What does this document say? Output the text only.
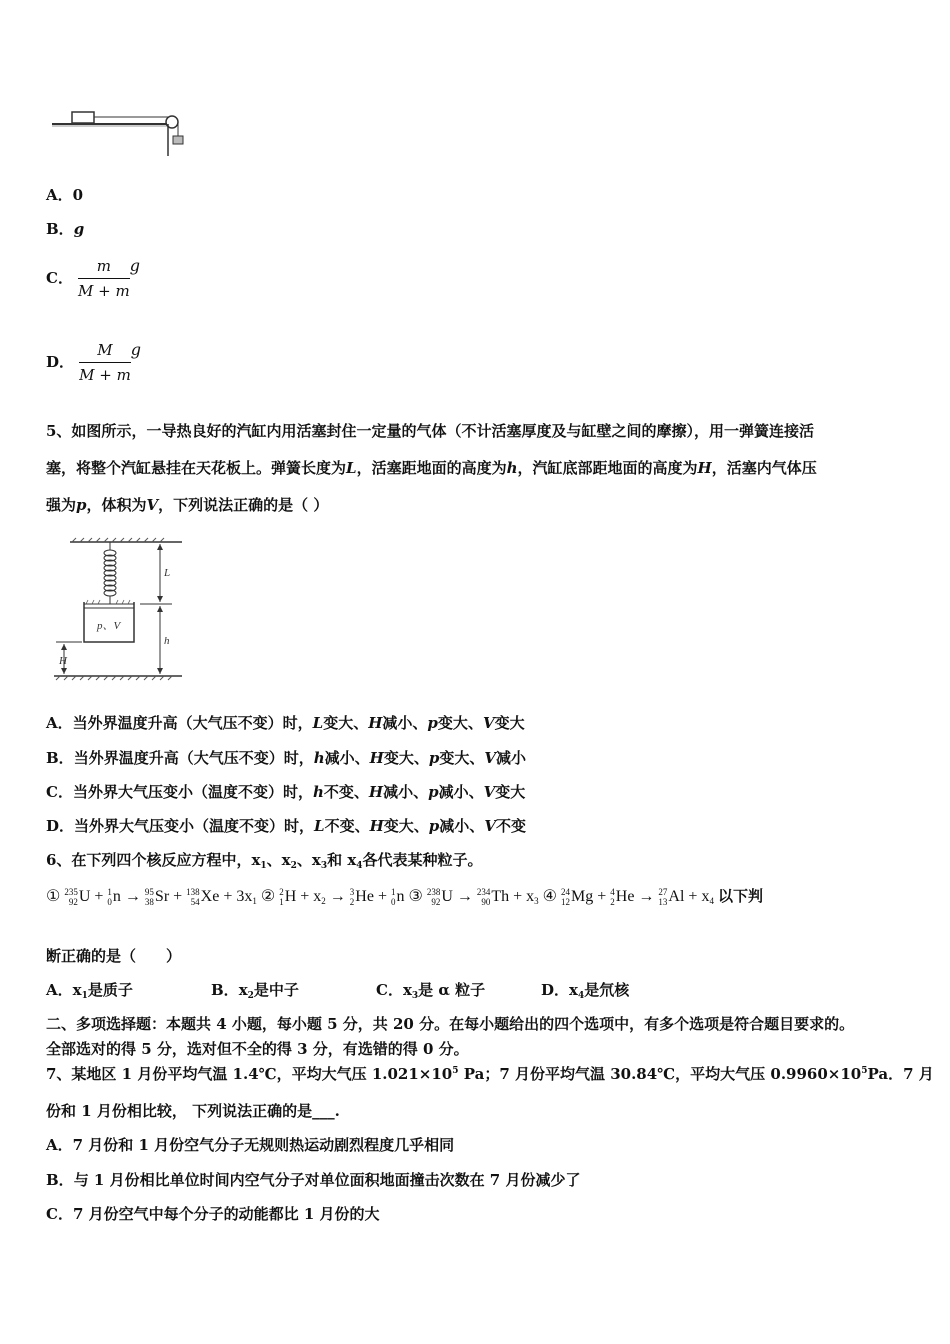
A．0
B．g
C． $\frac{m}{M + m}$ g
D． $\frac{M}{M + m}$ g
5、如图所示，一导热良好的汽缸内用活塞封住一定量的气体（不计活塞厚度及与缸壁之间的摩擦），用一弹簧连接活
塞，将整个汽缸悬挂在天花板上。弹簧长度为L，活塞距地面的高度为h，汽缸底部距地面的高度为H，活塞内气体压
强为p，体积为V，下列说法正确的是（ ）
L
h
H
p、V
A．当外界温度升高（大气压不变）时，L变大、H减小、p变大、V变大
B．当外界温度升高（大气压不变）时，h减小、H变大、p变大、V减小
C．当外界大气压变小（温度不变）时，h不变、H减小、p减小、V变大
D．当外界大气压变小（温度不变）时，L不变、H变大、p减小、V不变
6、在下列四个核反应方程中，$x_1$、$x_2$、$x_3$和 $x_4$各代表某种粒子。
① 235
92 U + 1
0 n → 95
38 Sr + 138
54 $Xe + 3x_1$ ② 2
1 $H + x_2 \to 3$
2 He + 1
0 n ③ 238
92 U → 234
90 $Th + x_3$ ④ 24
12 Mg + 4
2 He → 27
13 $Al + x_4$ 以下判
断正确的是（　　）
A．$x_1$是质子	B．$x_2$是中子	C．$x_3$是 α 粒子	D．$x_4$是氘核
二、多项选择题：本题共 4 小题，每小题 5 分，共 20 分。在每小题给出的四个选项中，有多个选项是符合题目要求的。
全部选对的得 5 分，选对但不全的得 3 分，有选错的得 0 分。
7、某地区 1 月份平均气温 1.4℃，平均大气压 $1.021\times 10^5$ Pa；7 月份平均气温 30.84℃，平均大气压 $0.9960\times 10^5Pa$．7 月
份和 1 月份相比较， 下列说法正确的是___.
A．7 月份和 1 月份空气分子无规则热运动剧烈程度几乎相同
B．与 1 月份相比单位时间内空气分子对单位面积地面撞击次数在 7 月份减少了
C．7 月份空气中每个分子的动能都比 1 月份的大
